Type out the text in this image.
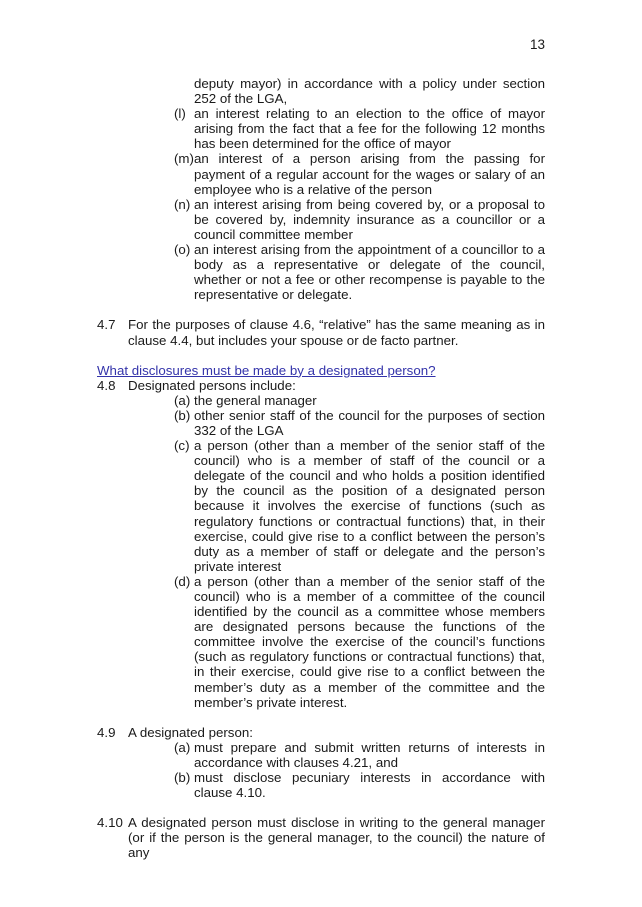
13
deputy mayor) in accordance with a policy under section 252 of the LGA,
(l) an interest relating to an election to the office of mayor arising from the fact that a fee for the following 12 months has been determined for the office of mayor
(m) an interest of a person arising from the passing for payment of a regular account for the wages or salary of an employee who is a relative of the person
(n) an interest arising from being covered by, or a proposal to be covered by, indemnity insurance as a councillor or a council committee member
(o) an interest arising from the appointment of a councillor to a body as a representative or delegate of the council, whether or not a fee or other recompense is payable to the representative or delegate.
4.7 For the purposes of clause 4.6, “relative” has the same meaning as in clause 4.4, but includes your spouse or de facto partner.
What disclosures must be made by a designated person?
4.8 Designated persons include:
(a) the general manager
(b) other senior staff of the council for the purposes of section 332 of the LGA
(c) a person (other than a member of the senior staff of the council) who is a member of staff of the council or a delegate of the council and who holds a position identified by the council as the position of a designated person because it involves the exercise of functions (such as regulatory functions or contractual functions) that, in their exercise, could give rise to a conflict between the person’s duty as a member of staff or delegate and the person’s private interest
(d) a person (other than a member of the senior staff of the council) who is a member of a committee of the council identified by the council as a committee whose members are designated persons because the functions of the committee involve the exercise of the council’s functions (such as regulatory functions or contractual functions) that, in their exercise, could give rise to a conflict between the member’s duty as a member of the committee and the member’s private interest.
4.9 A designated person:
(a) must prepare and submit written returns of interests in accordance with clauses 4.21, and
(b) must disclose pecuniary interests in accordance with clause 4.10.
4.10 A designated person must disclose in writing to the general manager (or if the person is the general manager, to the council) the nature of any
